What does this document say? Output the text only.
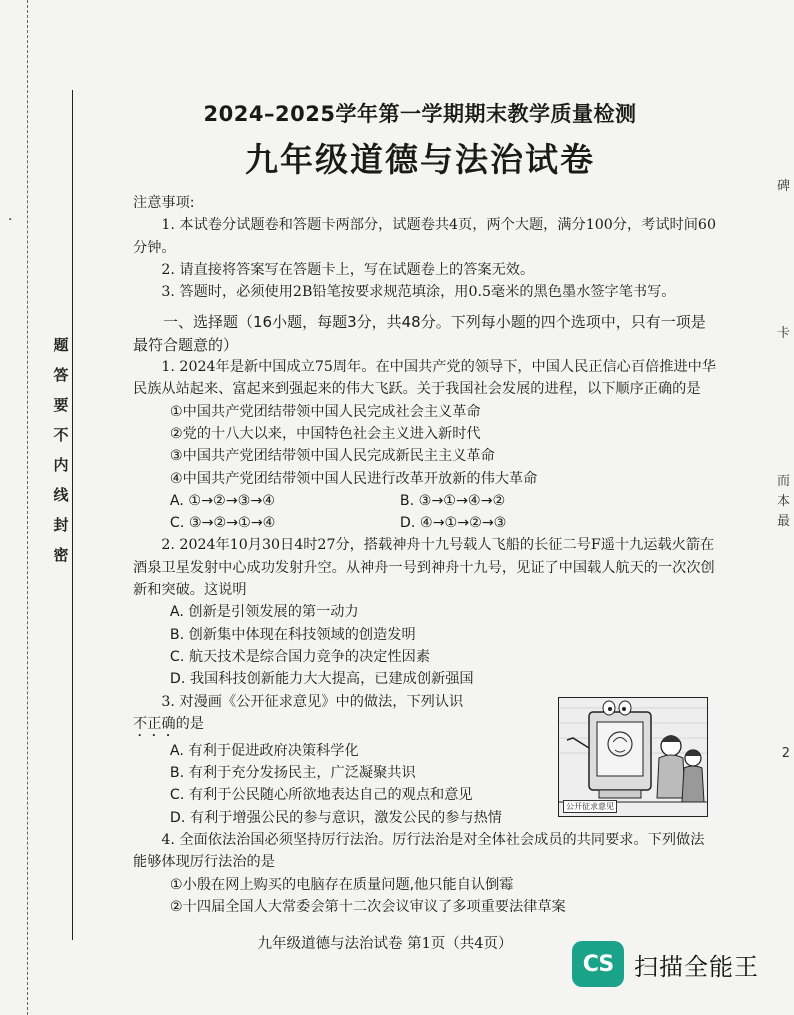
·
题
答
要
不
内
线
封
密
碑
卡
而
本
最
2
2024–2025学年第一学期期末教学质量检测
九年级道德与法治试卷

注意事项:

1. 本试卷分试题卷和答题卡两部分，试题卷共4页，两个大题，满分100分，考试时间60分钟。

2. 请直接将答案写在答题卡上，写在试题卷上的答案无效。

3. 答题时，必须使用2B铅笔按要求规范填涂，用0.5毫米的黑色墨水签字笔书写。

一、选择题（16小题，每题3分，共48分。下列每小题的四个选项中，只有一项是最符合题意的）

1. 2024年是新中国成立75周年。在中国共产党的领导下，中国人民正信心百倍推进中华民族从站起来、富起来到强起来的伟大飞跃。关于我国社会发展的进程，以下顺序正确的是

①中国共产党团结带领中国人民完成社会主义革命

②党的十八大以来，中国特色社会主义进入新时代

③中国共产党团结带领中国人民完成新民主主义革命

④中国共产党团结带领中国人民进行改革开放新的伟大革命

A. ①→②→③→④	B. ③→①→④→②
C. ③→②→①→④	D. ④→①→②→③

2. 2024年10月30日4时27分，搭载神舟十九号载人飞船的长征二号F遥十九运载火箭在酒泉卫星发射中心成功发射升空。从神舟一号到神舟十九号，见证了中国载人航天的一次次创新和突破。这说明

A. 创新是引领发展的第一动力

B. 创新集中体现在科技领域的创造发明

C. 航天技术是综合国力竞争的决定性因素

D. 我国科技创新能力大大提高，已建成创新强国

3. 对漫画《公开征求意见》中的做法，下列认识
不正确的是

A. 有利于促进政府决策科学化

B. 有利于充分发扬民主，广泛凝聚共识

C. 有利于公民随心所欲地表达自己的观点和意见

D. 有利于增强公民的参与意识，激发公民的参与热情

4. 全面依法治国必须坚持厉行法治。厉行法治是对全体社会成员的共同要求。下列做法能够体现厉行法治的是

①小殷在网上购买的电脑存在质量问题,他只能自认倒霉

②十四届全国人大常委会第十二次会议审议了多项重要法律草案

公开征求意见
九年级道德与法治试卷 第1页（共4页）
CS 扫描全能王
